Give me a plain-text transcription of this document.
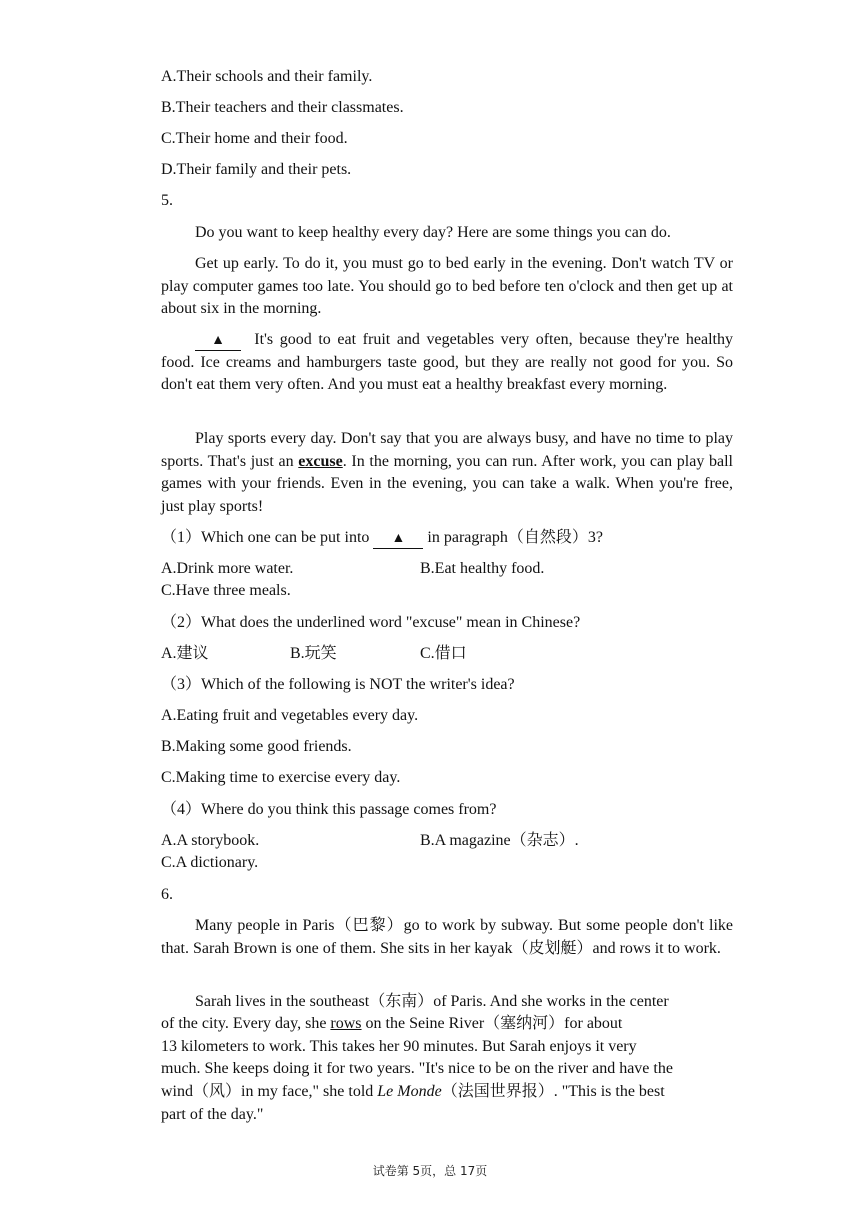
A.Their schools and their family.
B.Their teachers and their classmates.
C.Their home and their food.
D.Their family and their pets.
5.
Do you want to keep healthy every day? Here are some things you can do.
Get up early. To do it, you must go to bed early in the evening. Don't watch TV or play computer games too late. You should go to bed before ten o'clock and then get up at about six in the morning.
▲ It's good to eat fruit and vegetables very often, because they're healthy food. Ice creams and hamburgers taste good, but they are really not good for you. So don't eat them very often. And you must eat a healthy breakfast every morning.
Play sports every day. Don't say that you are always busy, and have no time to play sports. That's just an excuse. In the morning, you can run. After work, you can play ball games with your friends. Even in the evening, you can take a walk. When you're free, just play sports!
（1）Which one can be put into ▲ in paragraph（自然段）3?
A.Drink more water.	B.Eat healthy food.
C.Have three meals.
（2）What does the underlined word "excuse" mean in Chinese?
A.建议	B.玩笑	C.借口
（3）Which of the following is NOT the writer's idea?
A.Eating fruit and vegetables every day.
B.Making some good friends.
C.Making time to exercise every day.
（4）Where do you think this passage comes from?
A.A storybook.	B.A magazine（杂志）.
C.A dictionary.
6.
Many people in Paris（巴黎）go to work by subway. But some people don't like that. Sarah Brown is one of them. She sits in her kayak（皮划艇）and rows it to work.
Sarah lives in the southeast（东南）of Paris. And she works in the center
of the city. Every day, she rows on the Seine River（塞纳河）for about
13 kilometers to work. This takes her 90 minutes. But Sarah enjoys it very
much. She keeps doing it for two years. "It's nice to be on the river and have the
wind（风）in my face," she told Le Monde（法国世界报）. "This is the best
part of the day."
试卷第 5页，总 17页
